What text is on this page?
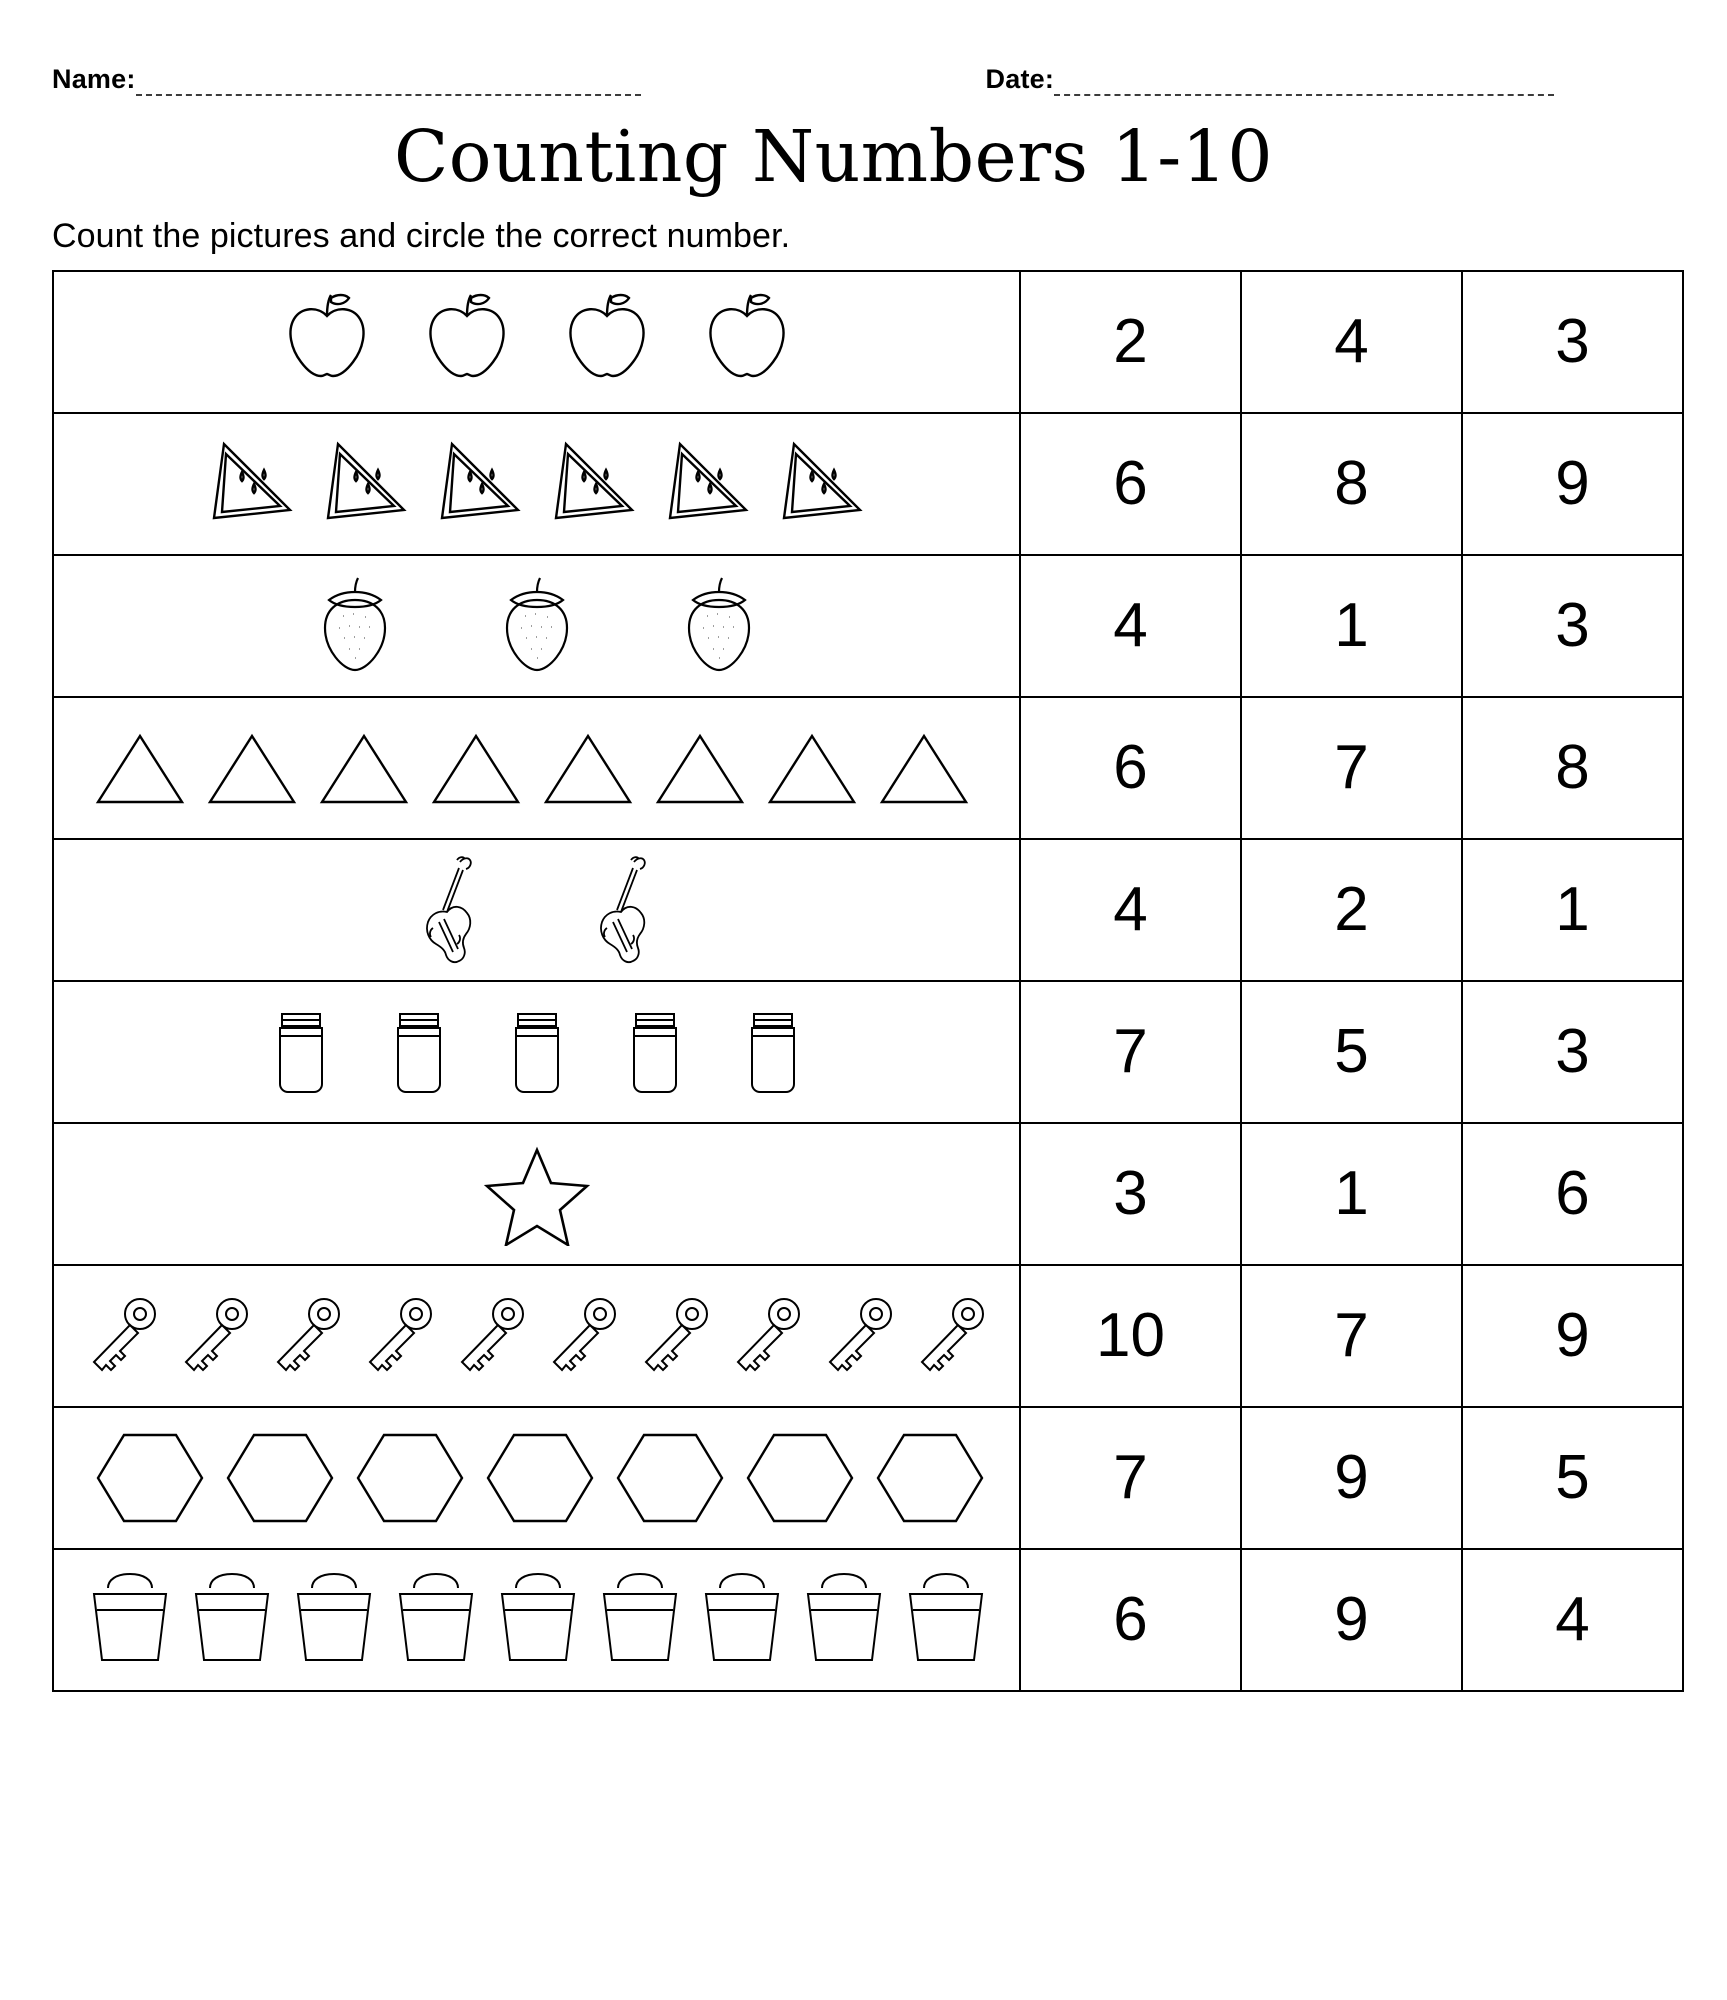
Name:	Date:
Counting Numbers 1-10

Count the pictures and circle the correct number.

	2	4	3

	6	8	9

	4	1	3

	6	7	8

	4	2	1

	7	5	3

	3	1	6

	10	7	9

	7	9	5

	6	9	4
